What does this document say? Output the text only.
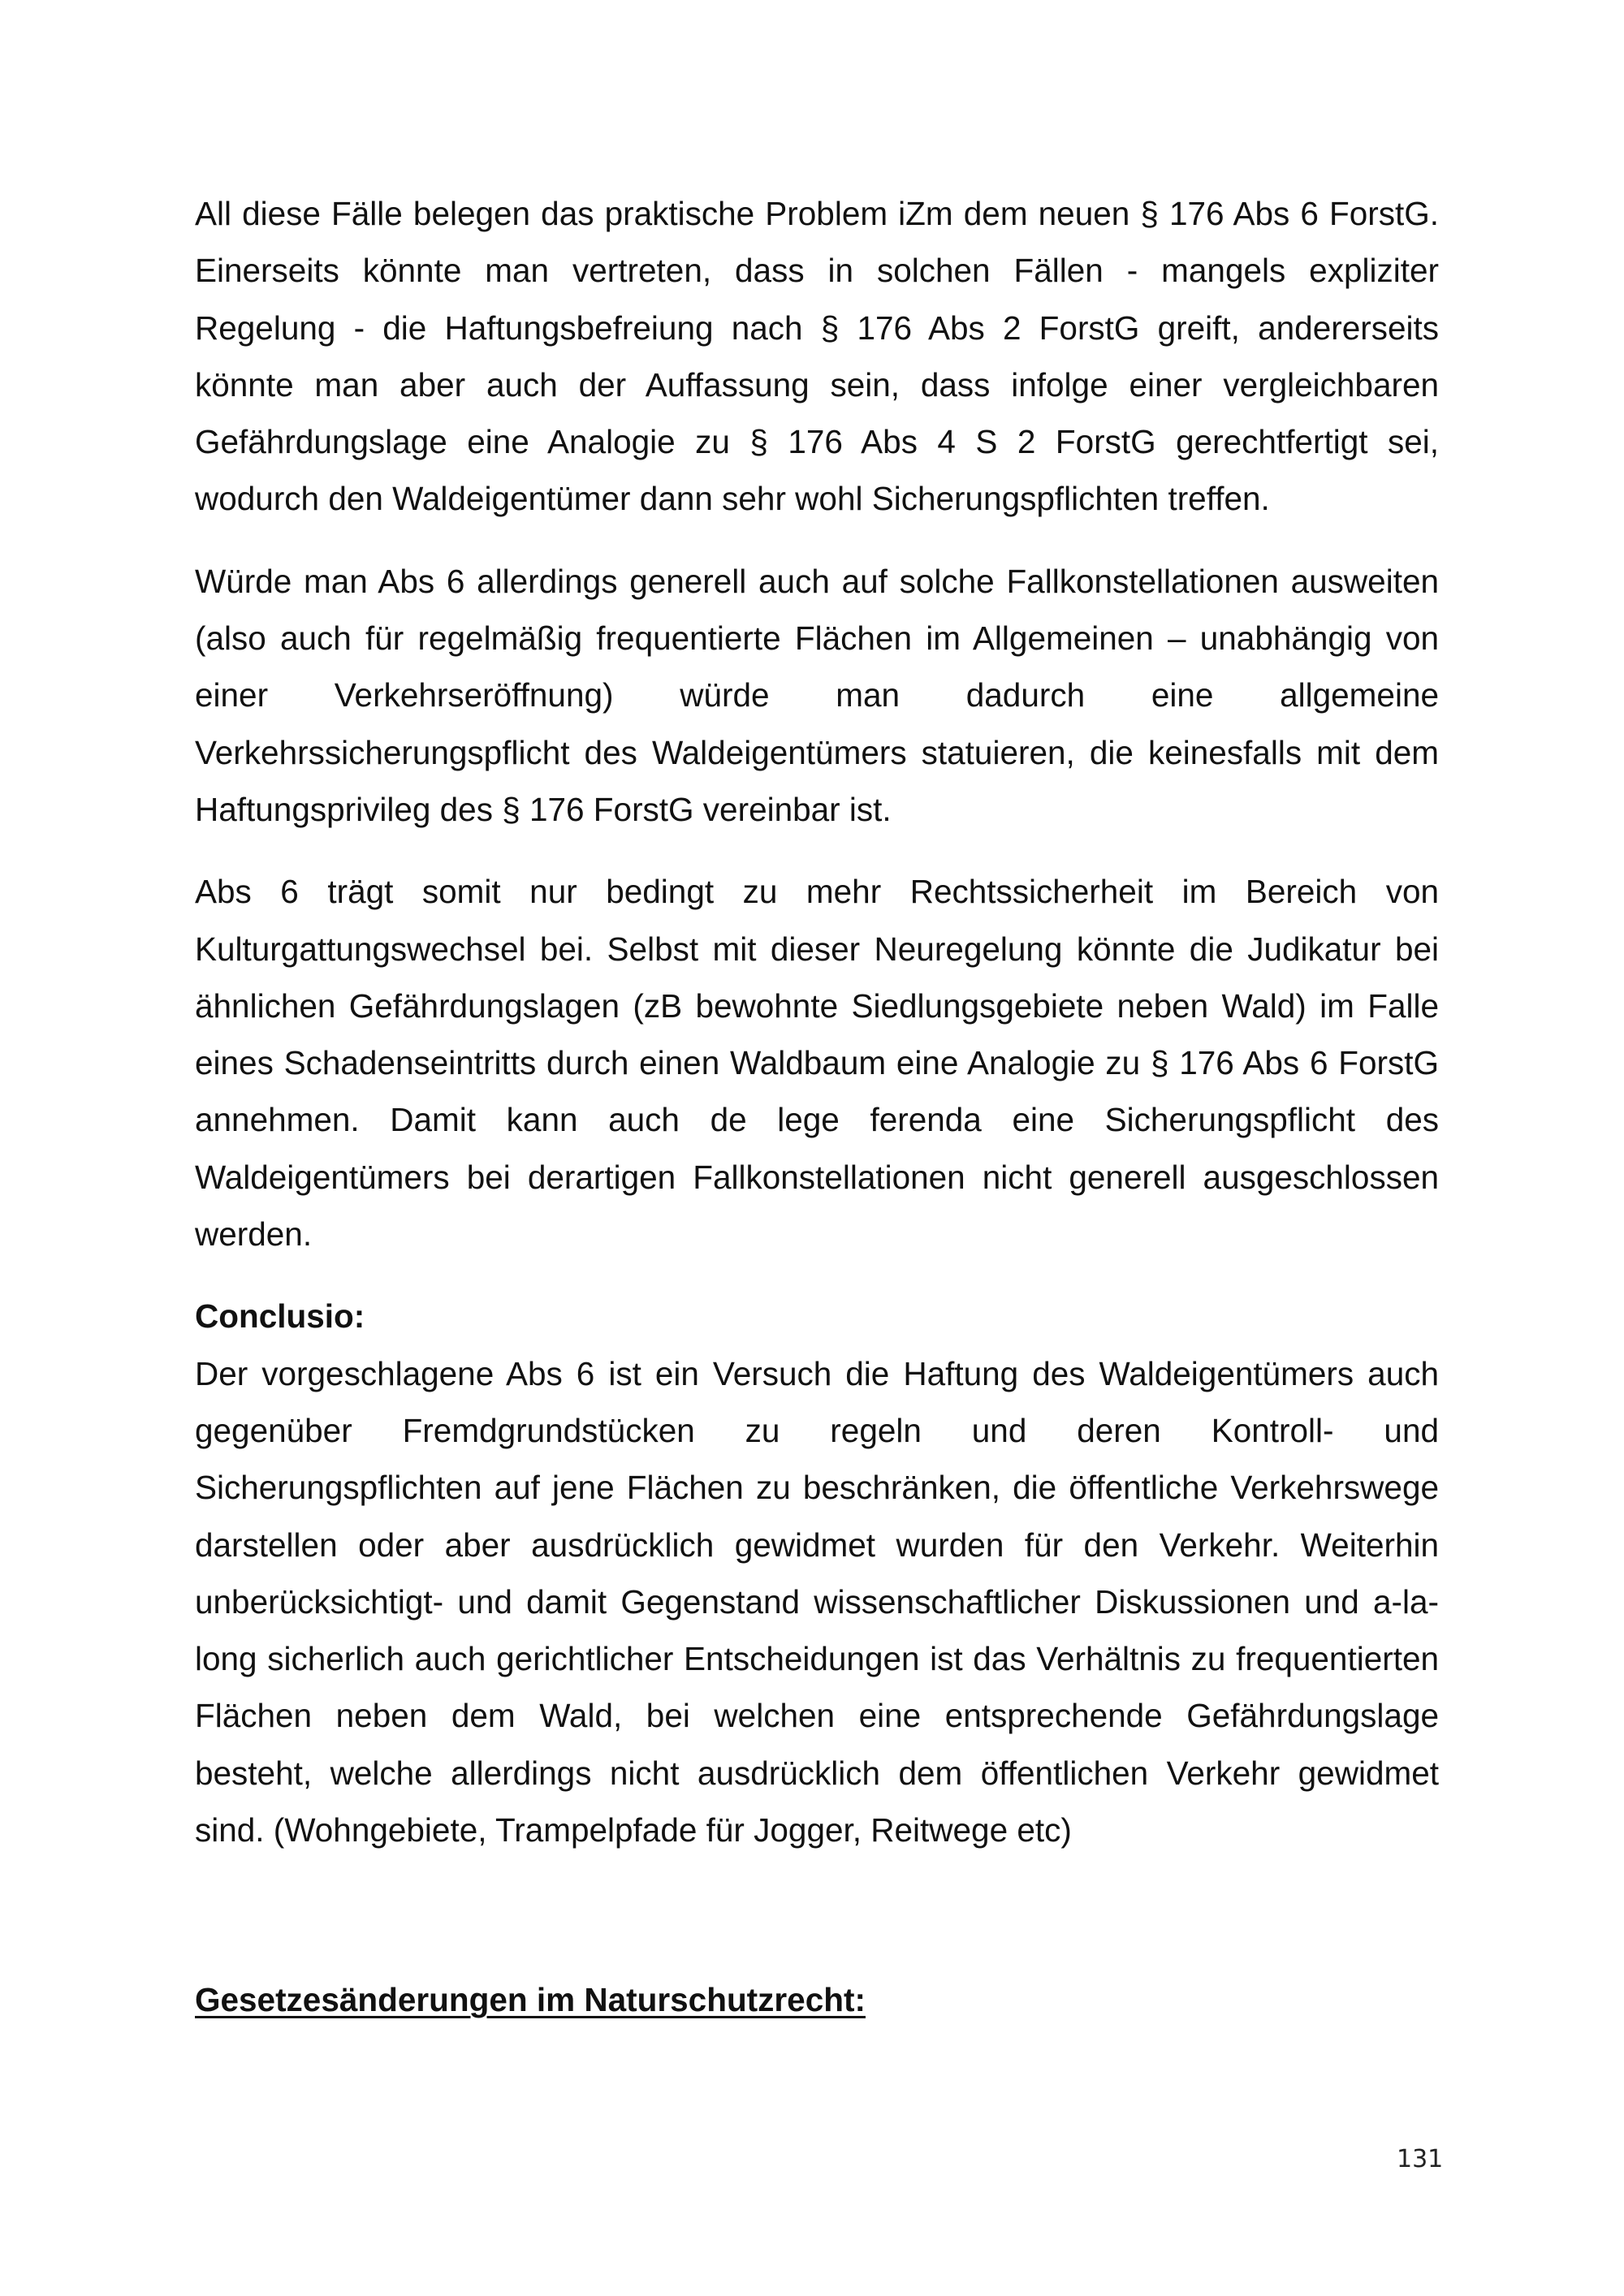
All diese Fälle belegen das praktische Problem iZm dem neuen § 176 Abs 6 ForstG. Einerseits könnte man vertreten, dass in solchen Fällen - mangels expliziter Regelung - die Haftungsbefreiung nach § 176 Abs 2 ForstG greift, andererseits könnte man aber auch der Auffassung sein, dass infolge einer vergleichbaren Gefährdungslage eine Analogie zu § 176 Abs 4 S 2 ForstG gerechtfertigt sei, wodurch den Waldeigentümer dann sehr wohl Sicherungspflichten treffen.

Würde man Abs 6 allerdings generell auch auf solche Fallkonstellationen ausweiten (also auch für regelmäßig frequentierte Flächen im Allgemeinen – unabhängig von einer Verkehrseröffnung) würde man dadurch eine allgemeine Verkehrssicherungspflicht des Waldeigentümers statuieren, die keinesfalls mit dem Haftungsprivileg des § 176 ForstG vereinbar ist.

Abs 6 trägt somit nur bedingt zu mehr Rechtssicherheit im Bereich von Kulturgattungswechsel bei. Selbst mit dieser Neuregelung könnte die Judikatur bei ähnlichen Gefährdungslagen (zB bewohnte Siedlungsgebiete neben Wald) im Falle eines Schadenseintritts durch einen Waldbaum eine Analogie zu § 176 Abs 6 ForstG annehmen. Damit kann auch de lege ferenda eine Sicherungspflicht des Waldeigentümers bei derartigen Fallkonstellationen nicht generell ausgeschlossen werden.

Conclusio:

Der vorgeschlagene Abs 6 ist ein Versuch die Haftung des Waldeigentümers auch gegenüber Fremdgrundstücken zu regeln und deren Kontroll- und Sicherungspflichten auf jene Flächen zu beschränken, die öffentliche Verkehrswege darstellen oder aber ausdrücklich gewidmet wurden für den Verkehr. Weiterhin unberücksichtigt- und damit Gegenstand wissenschaftlicher Diskussionen und a-la-long sicherlich auch gerichtlicher Entscheidungen ist das Verhältnis zu frequentierten Flächen neben dem Wald, bei welchen eine entsprechende Gefährdungslage besteht, welche allerdings nicht ausdrücklich dem öffentlichen Verkehr gewidmet sind. (Wohngebiete, Trampelpfade für Jogger, Reitwege etc)

Gesetzesänderungen im Naturschutzrecht:

131
